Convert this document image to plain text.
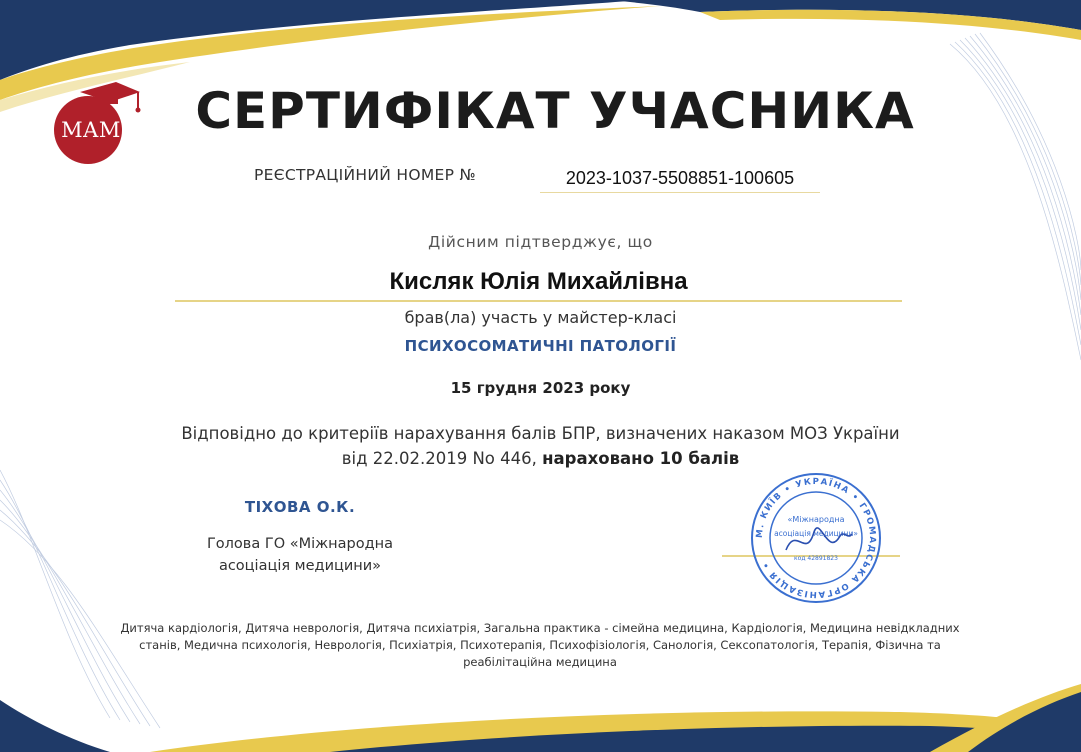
MAM	СЕРТИФІКАТ УЧАСНИКА
РЕЄСТРАЦІЙНИЙ НОМЕР №	2023-1037-5508851-100605
Дійсним підтверджує, що
Кисляк Юлія Михайлівна
брав(ла) участь у майстер-класі
ПСИХОСОМАТИЧНІ ПАТОЛОГІЇ
15 грудня 2023 року
Відповідно до критеріїв нарахування балів БПР, визначених наказом МОЗ України
від 22.02.2019 No 446, нараховано 10 балів
ТІХОВА О.К.
Голова ГО «Міжнародна
асоціація медицини»
М. КИЇВ • УКРАЇНА • ГРОМАДСЬКА ОРГАНІЗАЦІЯ •
«Міжнародна
асоціація медицини»
код 42891823
Дитяча кардіологія, Дитяча неврологія, Дитяча психіатрія, Загальна практика - сімейна медицина, Кардіологія, Медицина невідкладних
станів, Медична психологія, Неврологія, Психіатрія, Психотерапія, Психофізіологія, Санологія, Сексопатологія, Терапія, Фізична та
реабілітаційна медицина
